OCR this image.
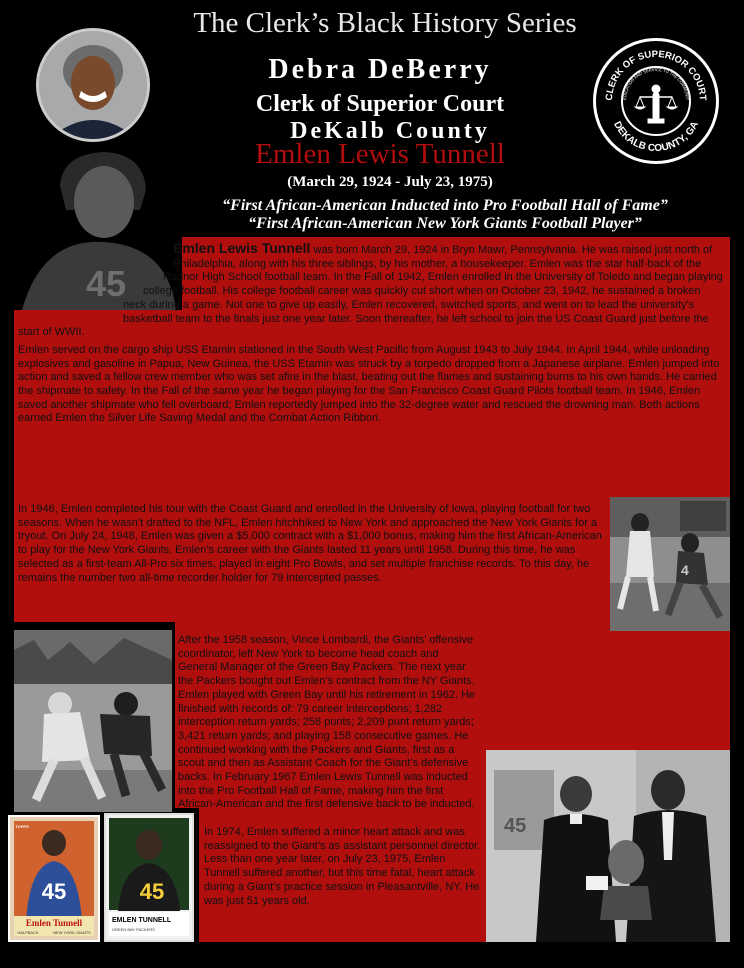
The Clerk’s Black History Series
Debra DeBerry
Clerk of Superior Court
DeKalb County
CLERK OF SUPERIOR COURT
DEKALB COUNTY, GA
EDICATION AND SERVICE TO THE COMMUNIT
Emlen Lewis Tunnell
(March 29, 1924 - July 23, 1975)
“First African-American Inducted into Pro Football Hall of Fame”
“First African-American New York Giants Football Player”
45

Emlen Lewis Tunnell was born March 29, 1924 in Bryn Mawr, Pennsylvania. He was raised just north of Philadelphia, along with his three siblings, by his mother, a housekeeper. Emlen was the star half-back of the Radnor High School football team. In the Fall of 1942, Emlen enrolled in the University of Toledo and began playing college football. His college football career was quickly cut short when on October 23, 1942, he sustained a broken neck during a game. Not one to give up easily, Emlen recovered, switched sports, and went on to lead the university's basketball team to the finals just one year later. Soon thereafter, he left school to join the US Coast Guard just before the start of WWII.

Emlen served on the cargo ship USS Etamin stationed in the South West Pacific from August 1943 to July 1944. In April 1944, while unloading explosives and gasoline in Papua, New Guinea, the USS Etamin was struck by a torpedo dropped from a Japanese airplane. Emlen jumped into action and saved a fellow crew member who was set afire in the blast, beating out the flames and sustaining burns to his own hands. He carried the shipmate to safety. In the Fall of the same year he began playing for the San Francisco Coast Guard Pilots football team. In 1946, Emlen saved another shipmate who fell overboard; Emlen reportedly jumped into the 32-degree water and rescued the drowning man. Both actions earned Emlen the Silver Life Saving Medal and the Combat Action Ribbon.

4

In 1946, Emlen completed his tour with the Coast Guard and enrolled in the University of Iowa, playing football for two seasons. When he wasn’t drafted to the NFL, Emlen hitchhiked to New York and approached the New York Giants for a tryout. On July 24, 1948, Emlen was given a $5,000 contract with a $1,000 bonus, making him the first African-American to play for the New York Giants. Emlen’s career with the Giants lasted 11 years until 1958. During this time, he was selected as a first-team All-Pro six times, played in eight Pro Bowls, and set multiple franchise records. To this day, he remains the number two all-time recorder holder for 79 intercepted passes.

After the 1958 season, Vince Lombardi, the Giants’ offensive coordinator, left New York to become head coach and General Manager of the Green Bay Packers. The next year the Packers bought out Emlen’s contract from the NY Giants. Emlen played with Green Bay until his retirement in 1962. He finished with records of: 79 career interceptions; 1,282 interception return yards; 258 punts; 2,209 punt return yards; 3,421 return yards; and playing 158 consecutive games. He continued working with the Packers and Giants, first as a scout and then as Assistant Coach for the Giant’s defensive backs. In February 1967 Emlen Lewis Tunnell was inducted into the Pro Football Hall of Fame, making him the first African-American and the first defensive back to be inducted.

45

In 1974, Emlen suffered a minor heart attack and was reassigned to the Giant’s as assistant personnel director. Less than one year later, on July 23, 1975, Emlen Tunnell suffered another, but this time fatal, heart attack during a Giant’s practice session in Pleasantville, NY. He was just 51 years old.

45
Emlen Tunnell
NEW YORK GIANTS
HALFBACK
TOPPS
45
EMLEN TUNNELL
GREEN BAY PACKERS
